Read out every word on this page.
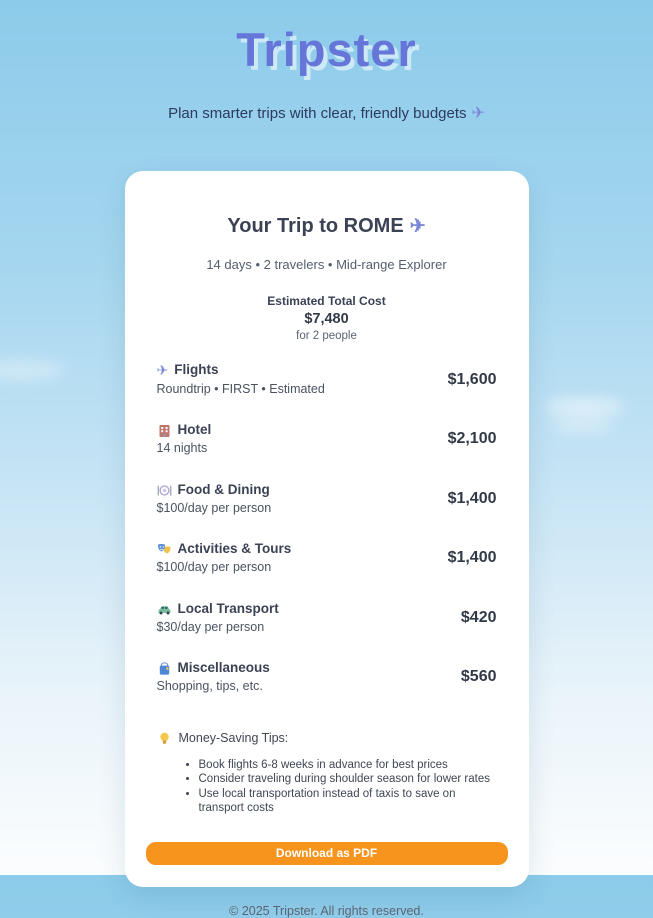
Tripster
Plan smarter trips with clear, friendly budgets ✈
Your Trip to ROME ✈
14 days • 2 travelers • Mid-range Explorer
Estimated Total Cost
$7,480
for 2 people
✈ Flights
Roundtrip • FIRST • Estimated
$1,600
Hotel
14 nights
$2,100
Food & Dining
$100/day per person
$1,400
Activities & Tours
$100/day per person
$1,400
Local Transport
$30/day per person
$420
Miscellaneous
Shopping, tips, etc.
$560
Money-Saving Tips:
• Book flights 6-8 weeks in advance for best prices
• Consider traveling during shoulder season for lower rates
• Use local transportation instead of taxis to save on transport costs
Download as PDF
© 2025 Tripster. All rights reserved.
